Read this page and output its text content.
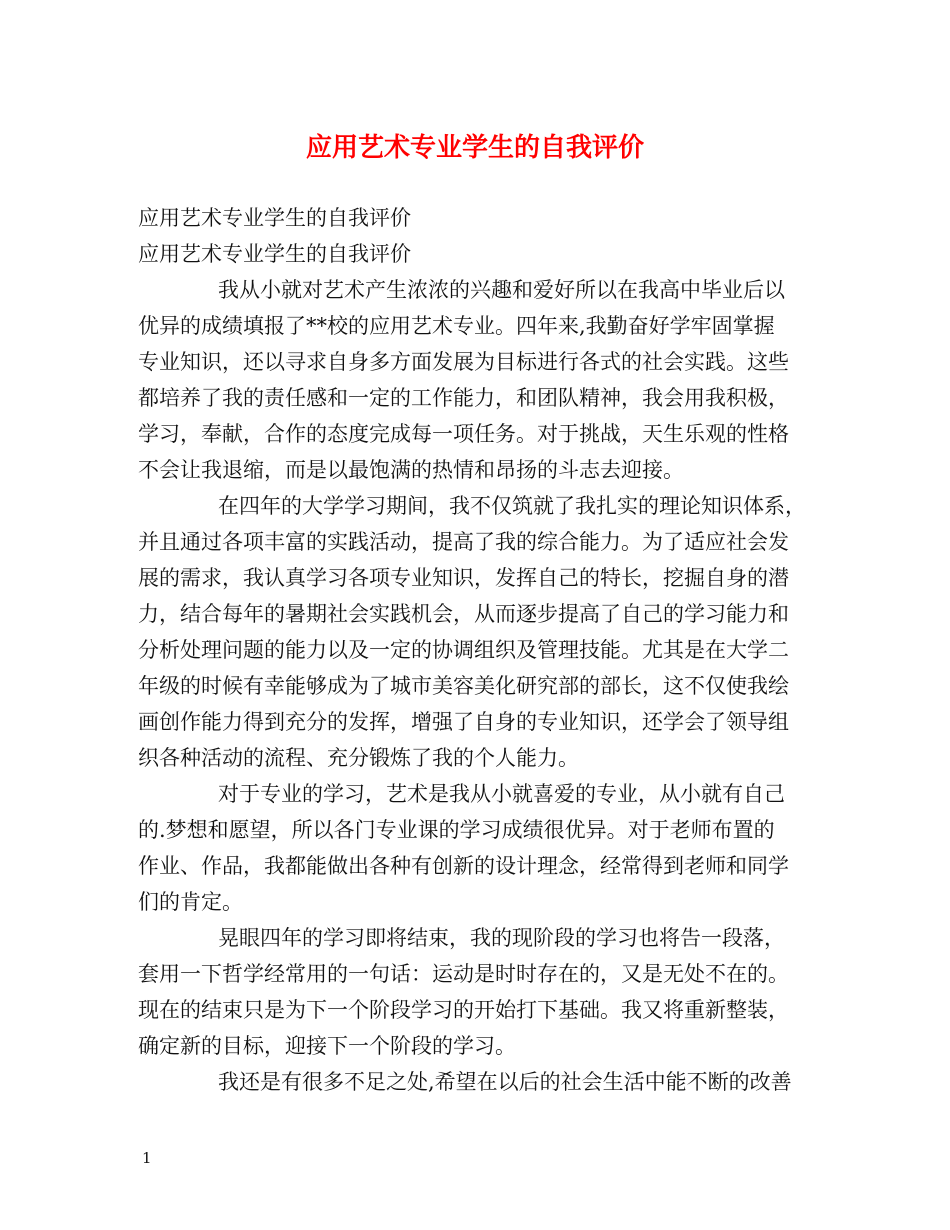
应用艺术专业学生的自我评价

应用艺术专业学生的自我评价

应用艺术专业学生的自我评价

我从小就对艺术产生浓浓的兴趣和爱好所以在我高中毕业后以
优异的成绩填报了**校的应用艺术专业。四年来,我勤奋好学牢固掌握
专业知识，还以寻求自身多方面发展为目标进行各式的社会实践。这些
都培养了我的责任感和一定的工作能力，和团队精神，我会用我积极，
学习，奉献，合作的态度完成每一项任务。对于挑战，天生乐观的性格
不会让我退缩，而是以最饱满的热情和昂扬的斗志去迎接。

在四年的大学学习期间，我不仅筑就了我扎实的理论知识体系，
并且通过各项丰富的实践活动，提高了我的综合能力。为了适应社会发
展的需求，我认真学习各项专业知识，发挥自己的特长，挖掘自身的潜
力，结合每年的暑期社会实践机会，从而逐步提高了自己的学习能力和
分析处理问题的能力以及一定的协调组织及管理技能。尤其是在大学二
年级的时候有幸能够成为了城市美容美化研究部的部长，这不仅使我绘
画创作能力得到充分的发挥，增强了自身的专业知识，还学会了领导组
织各种活动的流程、充分锻炼了我的个人能力。

对于专业的学习，艺术是我从小就喜爱的专业，从小就有自己
的.梦想和愿望，所以各门专业课的学习成绩很优异。对于老师布置的
作业、作品，我都能做出各种有创新的设计理念，经常得到老师和同学
们的肯定。

晃眼四年的学习即将结束，我的现阶段的学习也将告一段落，
套用一下哲学经常用的一句话：运动是时时存在的，又是无处不在的。
现在的结束只是为下一个阶段学习的开始打下基础。我又将重新整装，
确定新的目标，迎接下一个阶段的学习。

我还是有很多不足之处,希望在以后的社会生活中能不断的改善

1
